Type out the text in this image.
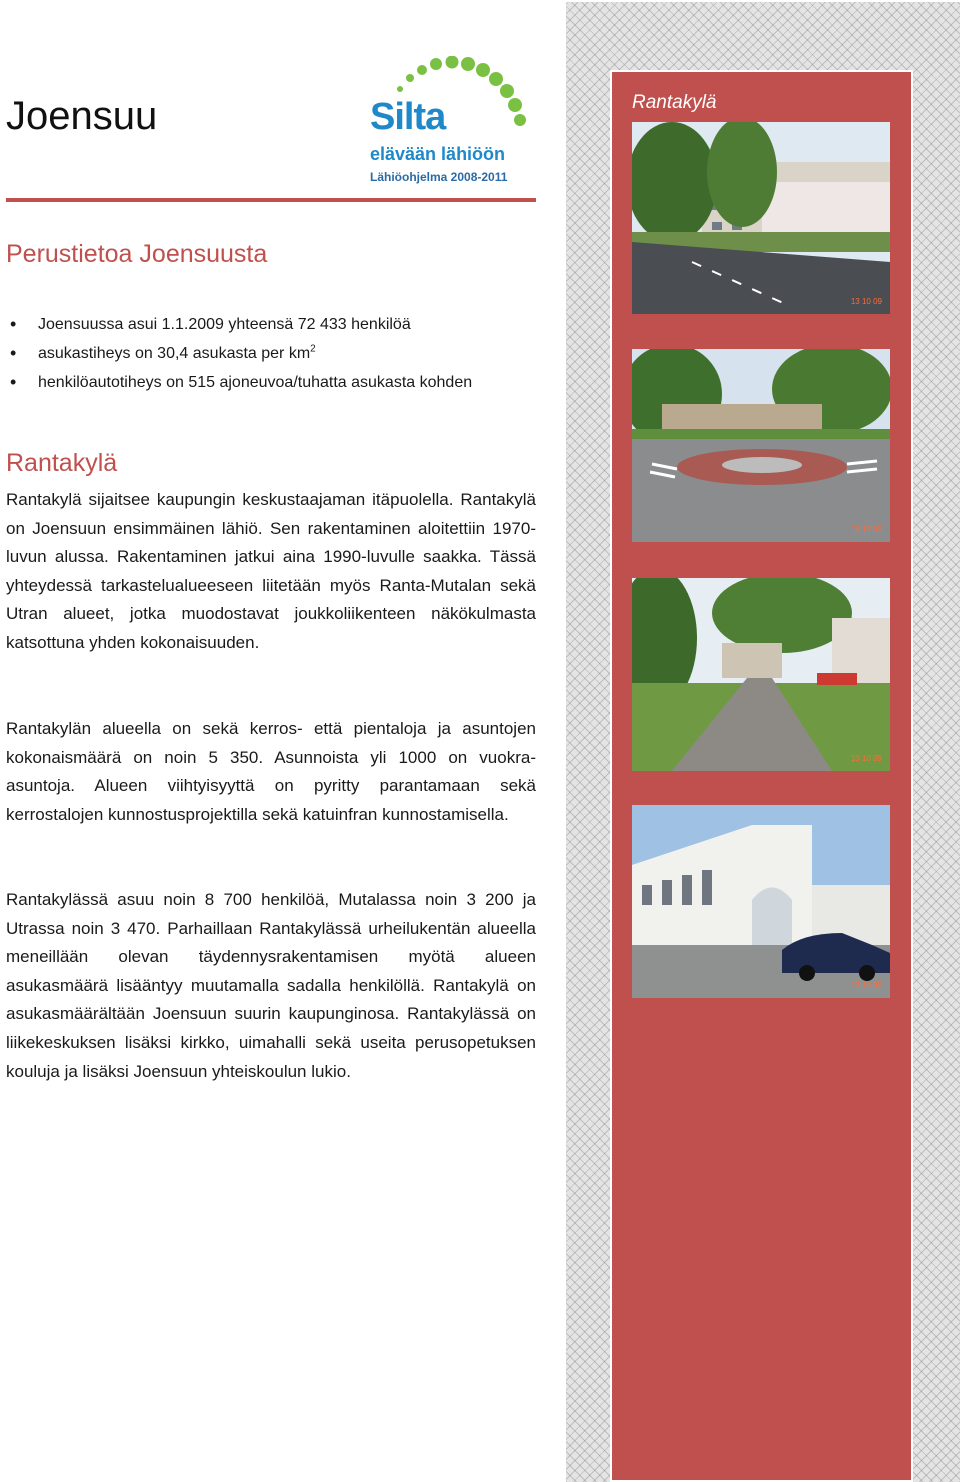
Joensuu	Silta
elävään lähiöön
Lähiöohjelma 2008-2011
Perustietoa Joensuusta
• Joensuussa asui 1.1.2009 yhteensä 72 433 henkilöä
• asukastiheys on 30,4 asukasta per $km^2$
• henkilöautotiheys on 515 ajoneuvoa/tuhatta asukasta kohden
Rantakylä

Rantakylä sijaitsee kaupungin keskustaajaman itäpuolella. Rantakylä on Joensuun ensimmäinen lähiö. Sen rakentaminen aloitettiin 1970- luvun alussa. Rakentaminen jatkui aina 1990-luvulle saakka. Tässä yhteydessä tarkastelualueeseen liitetään myös Ranta-Mutalan sekä Utran alueet, jotka muodostavat joukkoliikenteen näkökulmasta katsottuna yhden kokonaisuuden.

Rantakylän alueella on sekä kerros- että pientaloja ja asuntojen kokonaismäärä on noin 5 350. Asunnoista yli 1000 on vuokra-asuntoja. Alueen viihtyisyyttä on pyritty parantamaan sekä kerrostalojen kunnostusprojektilla sekä katuinfran kunnostamisella.

Rantakylässä asuu noin 8 700 henkilöä, Mutalassa noin 3 200 ja Utrassa noin 3 470. Parhaillaan Rantakylässä urheilukentän alueella meneillään olevan täydennysrakentamisen myötä alueen asukasmäärä lisääntyy muutamalla sadalla henkilöllä. Rantakylä on asukasmäärältään Joensuun suurin kaupunginosa. Rantakylässä on liikekeskuksen lisäksi kirkko, uimahalli sekä useita perusopetuksen kouluja ja lisäksi Joensuun yhteiskoulun lukio.

Rantakylä
13 10 09
13 10 09
13 10 09
13 10 09
